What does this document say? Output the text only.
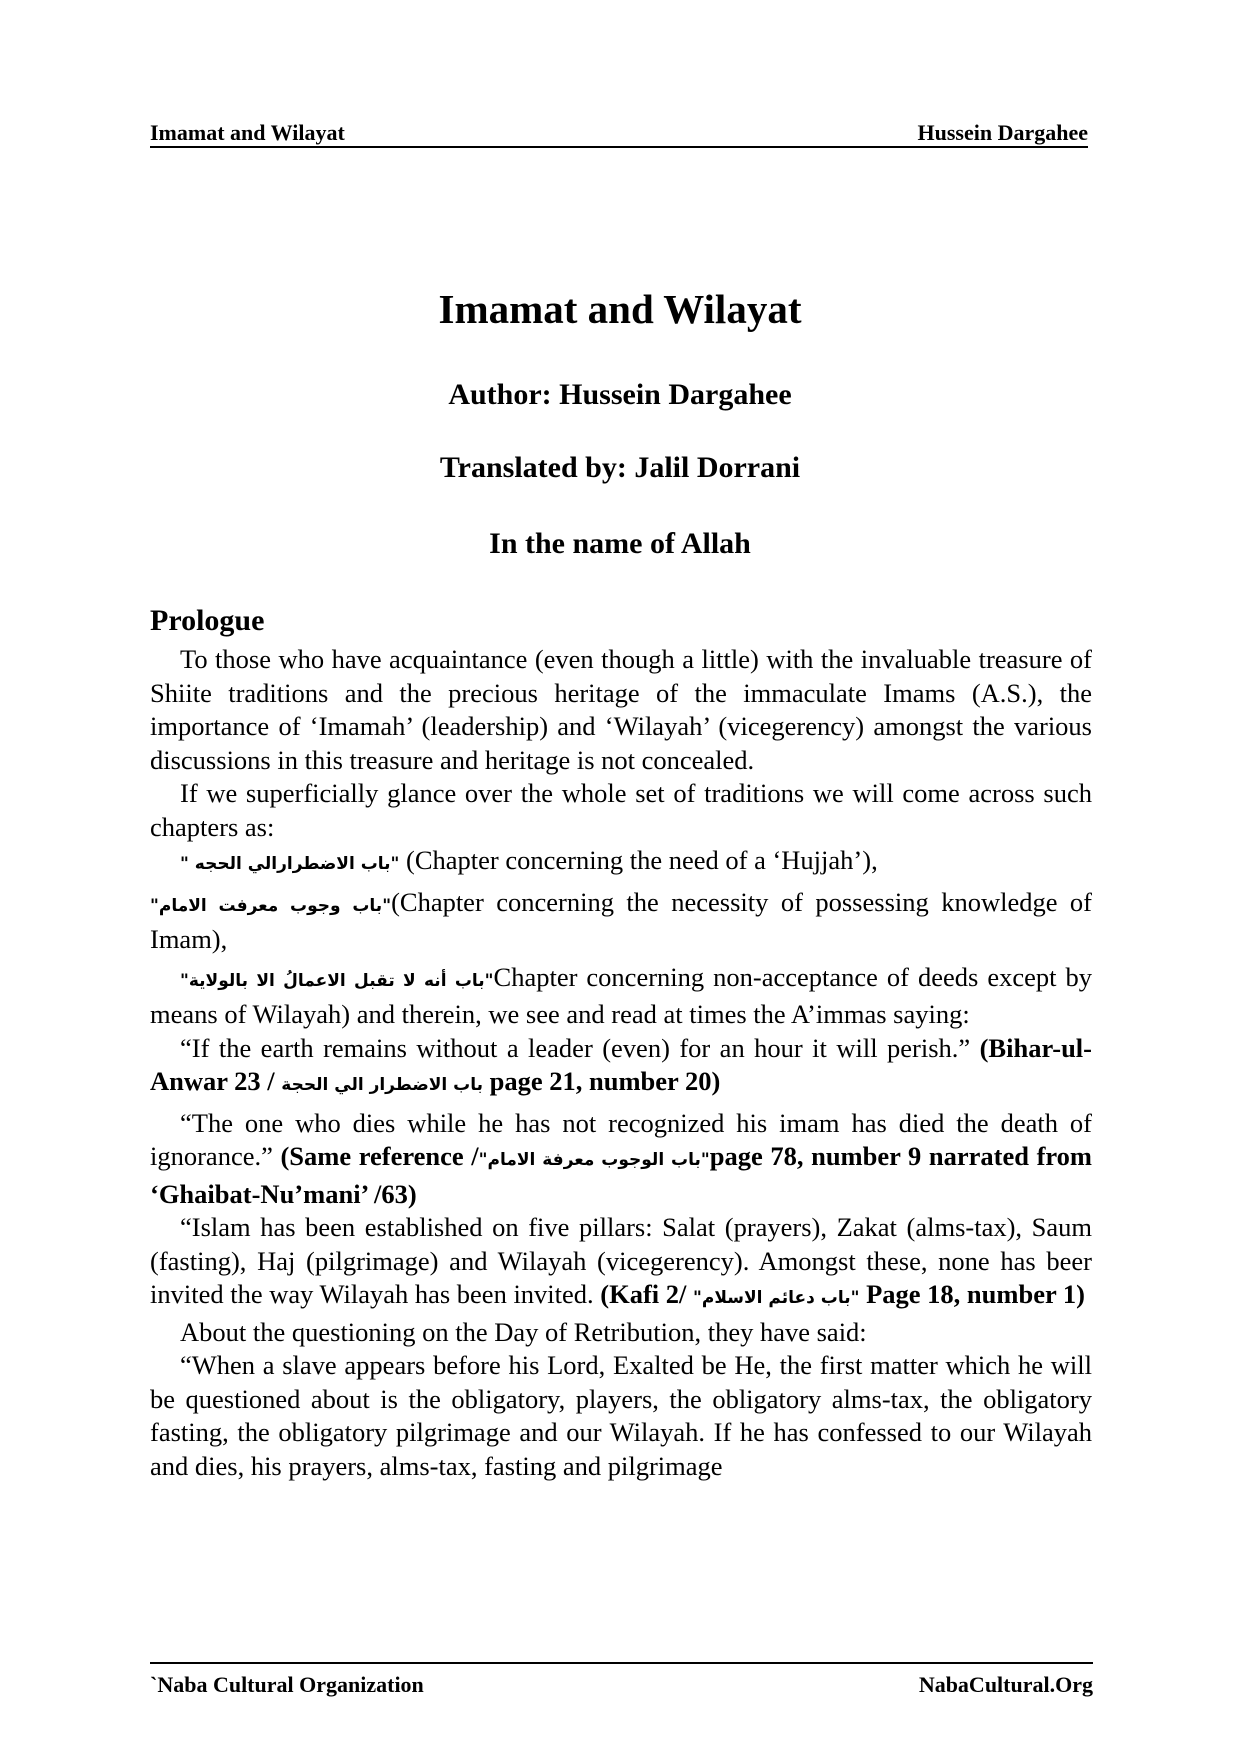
Imamat and Wilayat	Hussein Dargahee
Imamat and Wilayat
Author: Hussein Dargahee
Translated by: Jalil Dorrani
In the name of Allah
Prologue

To those who have acquaintance (even though a little) with the invaluable treasure of Shiite traditions and the precious heritage of the immaculate Imams (A.S.), the importance of ‘Imamah’ (leadership) and ‘Wilayah’ (vicegerency) amongst the various discussions in this treasure and heritage is not concealed.

If we superficially glance over the whole set of traditions we will come across such chapters as:

"باب الاضطرارالي الحجه " (Chapter concerning the need of a ‘Hujjah’),

"باب وجوب معرفت الامام"(Chapter concerning the necessity of possessing knowledge of Imam),

"باب أنه لا تقبل الاعمالُ الا بالولاية"Chapter concerning non-acceptance of deeds except by means of Wilayah) and therein, we see and read at times the A’immas saying:

“If the earth remains without a leader (even) for an hour it will perish.” (Bihar-ul-Anwar 23 / باب الاضطرار الي الحجة page 21, number 20)

“The one who dies while he has not recognized his imam has died the death of ignorance.” (Same reference /"باب الوجوب معرفة الامام"page 78, number 9 narrated from ‘Ghaibat-Nu’mani’ /63)

“Islam has been established on five pillars: Salat (prayers), Zakat (alms-tax), Saum (fasting), Haj (pilgrimage) and Wilayah (vicegerency). Amongst these, none has beer invited the way Wilayah has been invited. (Kafi 2/ "باب دعائم الاسلام" Page 18, number 1)

About the questioning on the Day of Retribution, they have said:

“When a slave appears before his Lord, Exalted be He, the first matter which he will be questioned about is the obligatory, players, the obligatory alms-tax, the obligatory fasting, the obligatory pilgrimage and our Wilayah. If he has confessed to our Wilayah and dies, his prayers, alms-tax, fasting and pilgrimage

`Naba Cultural Organization	NabaCultural.Org
